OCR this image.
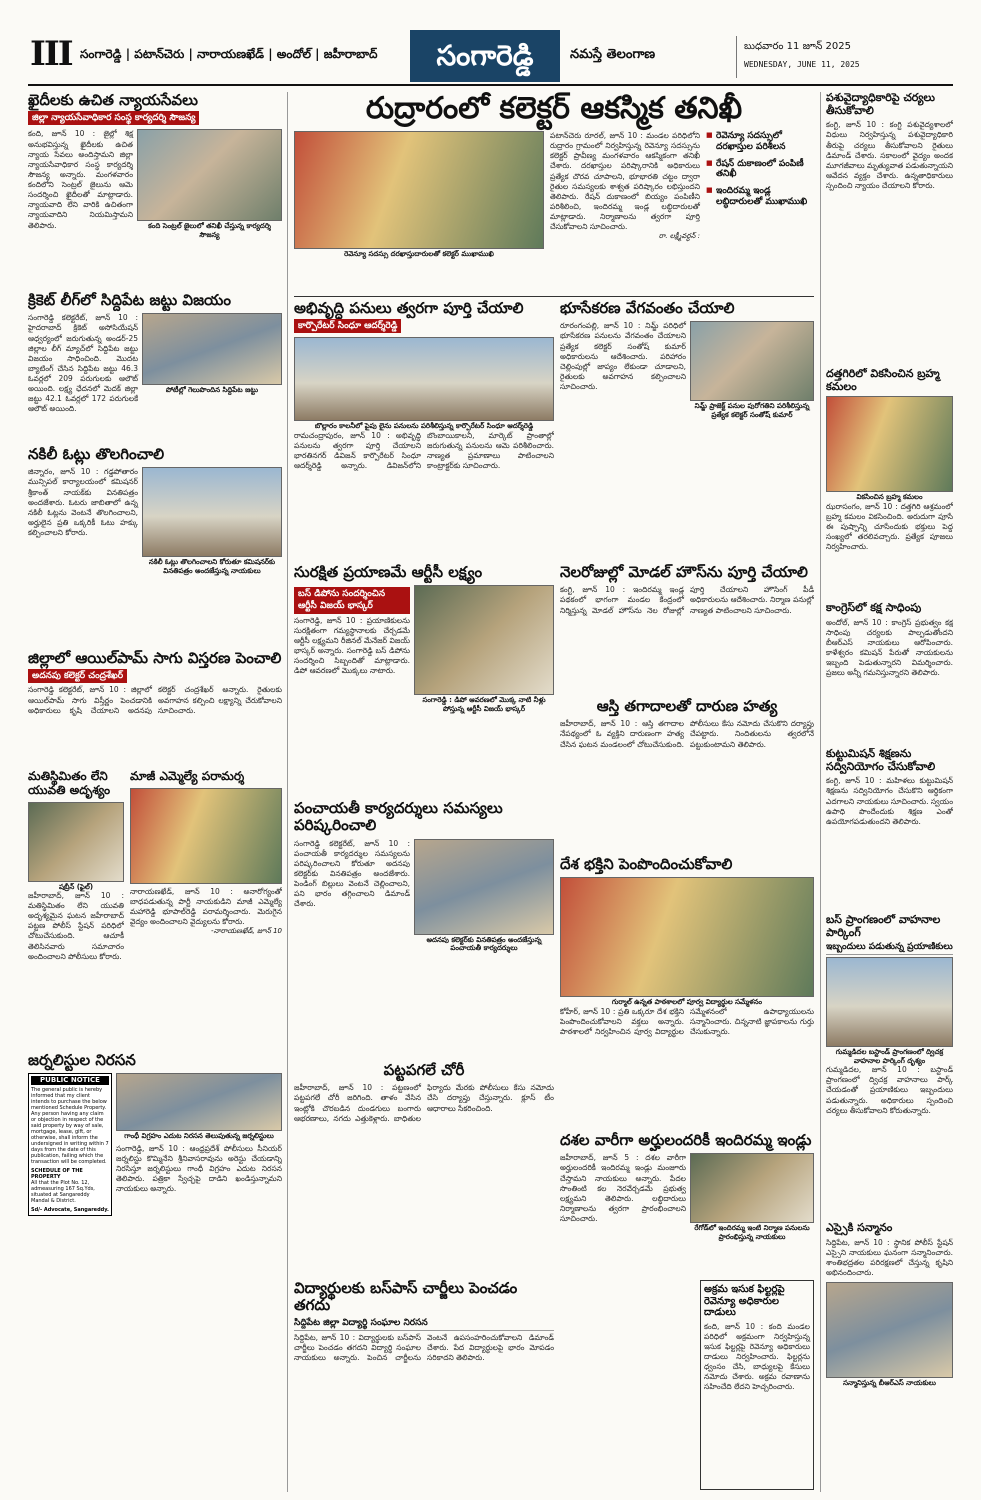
III సంగారెడ్డి | పటాన్‌చెరు | నారాయణఖేడ్ | అందోల్ | జహీరాబాద్	సంగారెడ్డి	నమస్తే తెలంగాణ
బుధవారం 11 జూన్ 2025
WEDNESDAY, JUNE 11, 2025
ఖైదీలకు ఉచిత న్యాయసేవలు
జిల్లా న్యాయసేవాధికార సంస్థ కార్యదర్శి సౌజన్య
కంది, జూన్ 10 : జైల్లో శిక్ష అనుభవిస్తున్న ఖైదీలకు ఉచిత న్యాయ సేవలు అందిస్తామని జిల్లా న్యాయసేవాధికార సంస్థ కార్యదర్శి సౌజన్య అన్నారు. మంగళవారం కందిలోని సెంట్రల్ జైలును ఆమె సందర్శించి ఖైదీలతో మాట్లాడారు. న్యాయవాది లేని వారికి ఉచితంగా న్యాయవాదిని నియమిస్తామని తెలిపారు.	కంది సెంట్రల్ జైలులో తనిఖీ చేస్తున్న కార్యదర్శి సౌజన్య
క్రికెట్ లీగ్‌లో సిద్దిపేట జట్టు విజయం
సంగారెడ్డి కలెక్టరేట్, జూన్ 10 : హైదరాబాద్ క్రికెట్ అసోసియేషన్ ఆధ్వర్యంలో జరుగుతున్న అండర్-25 జిల్లాల లీగ్ మ్యాచ్‌లో సిద్దిపేట జట్టు విజయం సాధించింది. మొదట బ్యాటింగ్ చేసిన సిద్దిపేట జట్టు 46.3 ఓవర్లలో 209 పరుగులకు ఆలౌట్ అయింది. లక్ష్య ఛేదనలో మెదక్ జిల్లా జట్టు 42.1 ఓవర్లలో 172 పరుగులకే ఆలౌట్ అయింది.
పోటీల్లో గెలుపొందిన సిద్దిపేట జట్టు
నకిలీ ఓట్లు తొలగించాలి
జిన్నారం, జూన్ 10 : గడ్డపోతారం మున్సిపల్ కార్యాలయంలో కమిషనర్ శ్రీకాంత్ నాయక్‌కు వినతిపత్రం అందజేశారు. ఓటరు జాబితాలో ఉన్న నకిలీ ఓట్లను వెంటనే తొలగించాలని, అర్హులైన ప్రతి ఒక్కరికీ ఓటు హక్కు కల్పించాలని కోరారు.
నకిలీ ఓట్లు తొలగించాలని కోరుతూ కమిషనర్‌కు వినతిపత్రం అందజేస్తున్న నాయకులు
జిల్లాలో ఆయిల్‌పామ్ సాగు విస్తరణ పెంచాలి
అదనపు కలెక్టర్ చంద్రశేఖర్
సంగారెడ్డి కలెక్టరేట్, జూన్ 10 : జిల్లాలో ఆయిల్‌పామ్ సాగు విస్తీర్ణం పెంచడానికి అధికారులు కృషి చేయాలని అదనపు కలెక్టర్ చంద్రశేఖర్ అన్నారు. రైతులకు అవగాహన కల్పించి లక్ష్యాన్ని చేరుకోవాలని సూచించారు.
మతిస్థిమితం లేని యువతి అదృశ్యం
షబ్రీన్ (ఫైల్)
జహీరాబాద్, జూన్ 10 : మతిస్థిమితం లేని యువతి అదృశ్యమైన ఘటన జహీరాబాద్ పట్టణ పోలీస్ స్టేషన్ పరిధిలో చోటుచేసుకుంది. ఆచూకీ తెలిసినవారు సమాచారం అందించాలని పోలీసులు కోరారు.
మాజీ ఎమ్మెల్యే పరామర్శ
నారాయణఖేడ్, జూన్ 10 : అనారోగ్యంతో బాధపడుతున్న పార్టీ నాయకుడిని మాజీ ఎమ్మెల్యే మహారెడ్డి భూపాల్‌రెడ్డి పరామర్శించారు. మెరుగైన వైద్యం అందించాలని వైద్యులను కోరారు.
-నారాయణఖేడ్, జూన్ 10
జర్నలిస్టుల నిరసన
PUBLIC NOTICE
The general public is hereby informed that my client intends to purchase the below mentioned Schedule Property. Any person having any claim or objection in respect of the said property by way of sale, mortgage, lease, gift, or otherwise, shall inform the undersigned in writing within 7 days from the date of this publication, failing which the transaction will be completed.
SCHEDULE OF THE PROPERTY
All that the Plot No. 12, admeasuring 167 Sq.Yds, situated at Sangareddy Mandal & District.
Sd/- Advocate, Sangareddy.
గాంధీ విగ్రహం ఎదుట నిరసన తెలుపుతున్న జర్నలిస్టులు
సంగారెడ్డి, జూన్ 10 : ఆంధ్రప్రదేశ్ పోలీసులు సీనియర్ జర్నలిస్టు కొమ్మినేని శ్రీనివాసరావును అరెస్టు చేయడాన్ని నిరసిస్తూ జర్నలిస్టులు గాంధీ విగ్రహం ఎదుట నిరసన తెలిపారు. పత్రికా స్వేచ్ఛపై దాడిని ఖండిస్తున్నామని నాయకులు అన్నారు.
రుద్రారంలో కలెక్టర్ ఆకస్మిక తనిఖీ
రెవెన్యూ సదస్సు దరఖాస్తుదారులతో కలెక్టర్ ముఖాముఖి
పటాన్‌చెరు రూరల్, జూన్ 10 : మండల పరిధిలోని రుద్రారం గ్రామంలో నిర్వహిస్తున్న రెవెన్యూ సదస్సును కలెక్టర్ ప్రావీణ్య మంగళవారం ఆకస్మికంగా తనిఖీ చేశారు. దరఖాస్తుల పరిష్కారానికి అధికారులు ప్రత్యేక చొరవ చూపాలని, భూభారతి చట్టం ద్వారా రైతుల సమస్యలకు శాశ్వత పరిష్కారం లభిస్తుందని తెలిపారు. రేషన్ దుకాణంలో బియ్యం పంపిణీని పరిశీలించి, ఇందిరమ్మ ఇండ్ల లబ్ధిదారులతో మాట్లాడారు. నిర్మాణాలను త్వరగా పూర్తి చేసుకోవాలని సూచించారు.
రా. లక్ష్మీవర్ధన్ :
■ రెవెన్యూ సదస్సులో దరఖాస్తుల పరిశీలన
■ రేషన్ దుకాణంలో పంపిణీ తనిఖీ
■ ఇందిరమ్మ ఇండ్ల లబ్ధిదారులతో ముఖాముఖి
అభివృద్ధి పనులు త్వరగా పూర్తి చేయాలి
కార్పొరేటర్ సింధూ ఆదర్శ్‌రెడ్డి
బొల్లారం కాలనీలో పైపు లైను పనులను పరిశీలిస్తున్న కార్పొరేటర్ సింధూ ఆదర్శ్‌రెడ్డి
రామచంద్రాపురం, జూన్ 10 : అభివృద్ధి పనులను త్వరగా పూర్తి చేయాలని భారతినగర్ డివిజన్ కార్పొరేటర్ సింధూ ఆదర్శ్‌రెడ్డి అన్నారు. డివిజన్‌లోని బొంబాయికాలనీ, మార్కెట్ ప్రాంతాల్లో జరుగుతున్న పనులను ఆమె పరిశీలించారు. నాణ్యత ప్రమాణాలు పాటించాలని కాంట్రాక్టర్‌కు సూచించారు.
సురక్షిత ప్రయాణమే ఆర్టీసీ లక్ష్యం
బస్ డిపోను సందర్శించిన ఆర్టీసీ విజయ్ భాస్కర్
సంగారెడ్డి, జూన్ 10 : ప్రయాణికులను సురక్షితంగా గమ్యస్థానాలకు చేర్చడమే ఆర్టీసీ లక్ష్యమని రీజినల్ మేనేజర్ విజయ్ భాస్కర్ అన్నారు. సంగారెడ్డి బస్ డిపోను సందర్శించి సిబ్బందితో మాట్లాడారు. డిపో ఆవరణలో మొక్కలు నాటారు.
సంగారెడ్డి : డిపో ఆవరణలో మొక్క నాటి నీళ్లు పోస్తున్న ఆర్టీసీ విజయ్ భాస్కర్
పంచాయతీ కార్యదర్శులు సమస్యలు పరిష్కరించాలి
సంగారెడ్డి కలెక్టరేట్, జూన్ 10 : పంచాయతీ కార్యదర్శుల సమస్యలను పరిష్కరించాలని కోరుతూ అదనపు కలెక్టర్‌కు వినతిపత్రం అందజేశారు. పెండింగ్ బిల్లులు వెంటనే చెల్లించాలని, పని భారం తగ్గించాలని డిమాండ్ చేశారు.
అదనపు కలెక్టర్‌కు వినతిపత్రం అందజేస్తున్న పంచాయతీ కార్యదర్శులు
పట్టపగలే చోరీ
జహీరాబాద్, జూన్ 10 : పట్టణంలో పట్టపగలే చోరీ జరిగింది. తాళం వేసిన ఇంట్లోకి చొరబడిన దుండగులు బంగారు ఆభరణాలు, నగదు ఎత్తుకెళ్లారు. బాధితుల ఫిర్యాదు మేరకు పోలీసులు కేసు నమోదు చేసి దర్యాప్తు చేస్తున్నారు. క్లూస్ టీం ఆధారాలు సేకరించింది.
విద్యార్థులకు బస్‌పాస్ చార్జీలు పెంచడం తగదు
సిద్దిపేట జిల్లా విద్యార్థి సంఘాల నిరసన
సిద్దిపేట, జూన్ 10 : విద్యార్థులకు బస్‌పాస్ చార్జీలు పెంచడం తగదని విద్యార్థి సంఘాల నాయకులు అన్నారు. పెంచిన చార్జీలను వెంటనే ఉపసంహరించుకోవాలని డిమాండ్ చేశారు. పేద విద్యార్థులపై భారం మోపడం సరికాదని తెలిపారు.
భూసేకరణ వేగవంతం చేయాలి
రూరంగంపల్లి, జూన్ 10 : నిమ్జ్ పరిధిలో భూసేకరణ పనులను వేగవంతం చేయాలని ప్రత్యేక కలెక్టర్ సంతోష్ కుమార్ అధికారులను ఆదేశించారు. పరిహారం చెల్లింపుల్లో జాప్యం లేకుండా చూడాలని, రైతులకు అవగాహన కల్పించాలని సూచించారు.
నిమ్జ్ ప్రాజెక్ట్ పనుల పురోగతిని పరిశీలిస్తున్న ప్రత్యేక కలెక్టర్ సంతోష్ కుమార్
నెలరోజుల్లో మోడల్ హౌస్‌ను పూర్తి చేయాలి
కంగ్టి, జూన్ 10 : ఇందిరమ్మ ఇండ్ల పథకంలో భాగంగా మండల కేంద్రంలో నిర్మిస్తున్న మోడల్ హౌస్‌ను నెల రోజుల్లో పూర్తి చేయాలని హౌసింగ్ పీడీ అధికారులను ఆదేశించారు. నిర్మాణ పనుల్లో నాణ్యత పాటించాలని సూచించారు.
ఆస్తి తగాదాలతో దారుణ హత్య
జహీరాబాద్, జూన్ 10 : ఆస్తి తగాదాల నేపథ్యంలో ఓ వ్యక్తిని దారుణంగా హత్య చేసిన ఘటన మండలంలో చోటుచేసుకుంది. పోలీసులు కేసు నమోదు చేసుకొని దర్యాప్తు చేపట్టారు. నిందితులను త్వరలోనే పట్టుకుంటామని తెలిపారు.
దేశ భక్తిని పెంపొందించుకోవాలి
గుర్మాల్ ఉన్నత పాఠశాలలో పూర్వ విద్యార్థుల సమ్మేళనం
కోహీర్, జూన్ 10 : ప్రతి ఒక్కరూ దేశ భక్తిని పెంపొందించుకోవాలని వక్తలు అన్నారు. పాఠశాలలో నిర్వహించిన పూర్వ విద్యార్థుల సమ్మేళనంలో ఉపాధ్యాయులను సన్మానించారు. చిన్ననాటి జ్ఞాపకాలను గుర్తు చేసుకున్నారు.
దశల వారీగా అర్హులందరికీ ఇందిరమ్మ ఇండ్లు
జహీరాబాద్, జూన్ 5 : దశల వారీగా అర్హులందరికీ ఇందిరమ్మ ఇండ్లు మంజూరు చేస్తామని నాయకులు అన్నారు. పేదల సొంతింటి కల నెరవేర్చడమే ప్రభుత్వ లక్ష్యమని తెలిపారు. లబ్ధిదారులు నిర్మాణాలను త్వరగా ప్రారంభించాలని సూచించారు.
రేగోడ్‌లో ఇందిరమ్మ ఇంటి నిర్మాణ పనులను ప్రారంభిస్తున్న నాయకులు
అక్రమ ఇసుక ఫిల్టర్లపై రెవెన్యూ అధికారుల దాడులు
కంది, జూన్ 10 : కంది మండల పరిధిలో అక్రమంగా నిర్వహిస్తున్న ఇసుక ఫిల్టర్లపై రెవెన్యూ అధికారులు దాడులు నిర్వహించారు. ఫిల్టర్లను ధ్వంసం చేసి, బాధ్యులపై కేసులు నమోదు చేశారు. అక్రమ రవాణాను సహించేది లేదని హెచ్చరించారు.
పశువైద్యాధికారిపై చర్యలు తీసుకోవాలి
కంగ్టి, జూన్ 10 : కంగ్టి పశువైద్యశాలలో విధులు నిర్వహిస్తున్న పశువైద్యాధికారి తీరుపై చర్యలు తీసుకోవాలని రైతులు డిమాండ్ చేశారు. సకాలంలో వైద్యం అందక మూగజీవాలు మృత్యువాత పడుతున్నాయని ఆవేదన వ్యక్తం చేశారు. ఉన్నతాధికారులు స్పందించి న్యాయం చేయాలని కోరారు.
దత్తగిరిలో వికసించిన బ్రహ్మ కమలం
వికసించిన బ్రహ్మ కమలం
ఝరాసంగం, జూన్ 10 : దత్తగిరి ఆశ్రమంలో బ్రహ్మ కమలం వికసించింది. అరుదుగా పూసే ఈ పుష్పాన్ని చూసేందుకు భక్తులు పెద్ద సంఖ్యలో తరలివచ్చారు. ప్రత్యేక పూజలు నిర్వహించారు.
కాంగ్రెస్‌లో కక్ష సాధింపు
అందోల్, జూన్ 10 : కాంగ్రెస్ ప్రభుత్వం కక్ష సాధింపు చర్యలకు పాల్పడుతోందని బీఆర్‌ఎస్ నాయకులు ఆరోపించారు. కాళేశ్వరం కమిషన్ పేరుతో నాయకులను ఇబ్బంది పెడుతున్నారని విమర్శించారు. ప్రజలు అన్నీ గమనిస్తున్నారని తెలిపారు.
కుట్టుమిషన్ శిక్షణను సద్వినియోగం చేసుకోవాలి
కంగ్టి, జూన్ 10 : మహిళలు కుట్టుమిషన్ శిక్షణను సద్వినియోగం చేసుకొని ఆర్థికంగా ఎదగాలని నాయకులు సూచించారు. స్వయం ఉపాధి పొందేందుకు శిక్షణ ఎంతో ఉపయోగపడుతుందని తెలిపారు.
బస్ ప్రాంగణంలో వాహనాల పార్కింగ్
ఇబ్బందులు పడుతున్న ప్రయాణికులు
గుమ్మడిదల బస్టాండ్ ప్రాంగణంలో ద్విచక్ర వాహనాల పార్కింగ్ దృశ్యం
గుమ్మడిదల, జూన్ 10 : బస్టాండ్ ప్రాంగణంలో ద్విచక్ర వాహనాలు పార్క్ చేయడంతో ప్రయాణికులు ఇబ్బందులు పడుతున్నారు. అధికారులు స్పందించి చర్యలు తీసుకోవాలని కోరుతున్నారు.
ఎస్సైకి సన్మానం
సిద్దిపేట, జూన్ 10 : స్థానిక పోలీస్ స్టేషన్ ఎస్సైని నాయకులు ఘనంగా సన్మానించారు. శాంతిభద్రతల పరిరక్షణలో చేస్తున్న కృషిని అభినందించారు.
సన్మానిస్తున్న బీఆర్‌ఎస్ నాయకులు
